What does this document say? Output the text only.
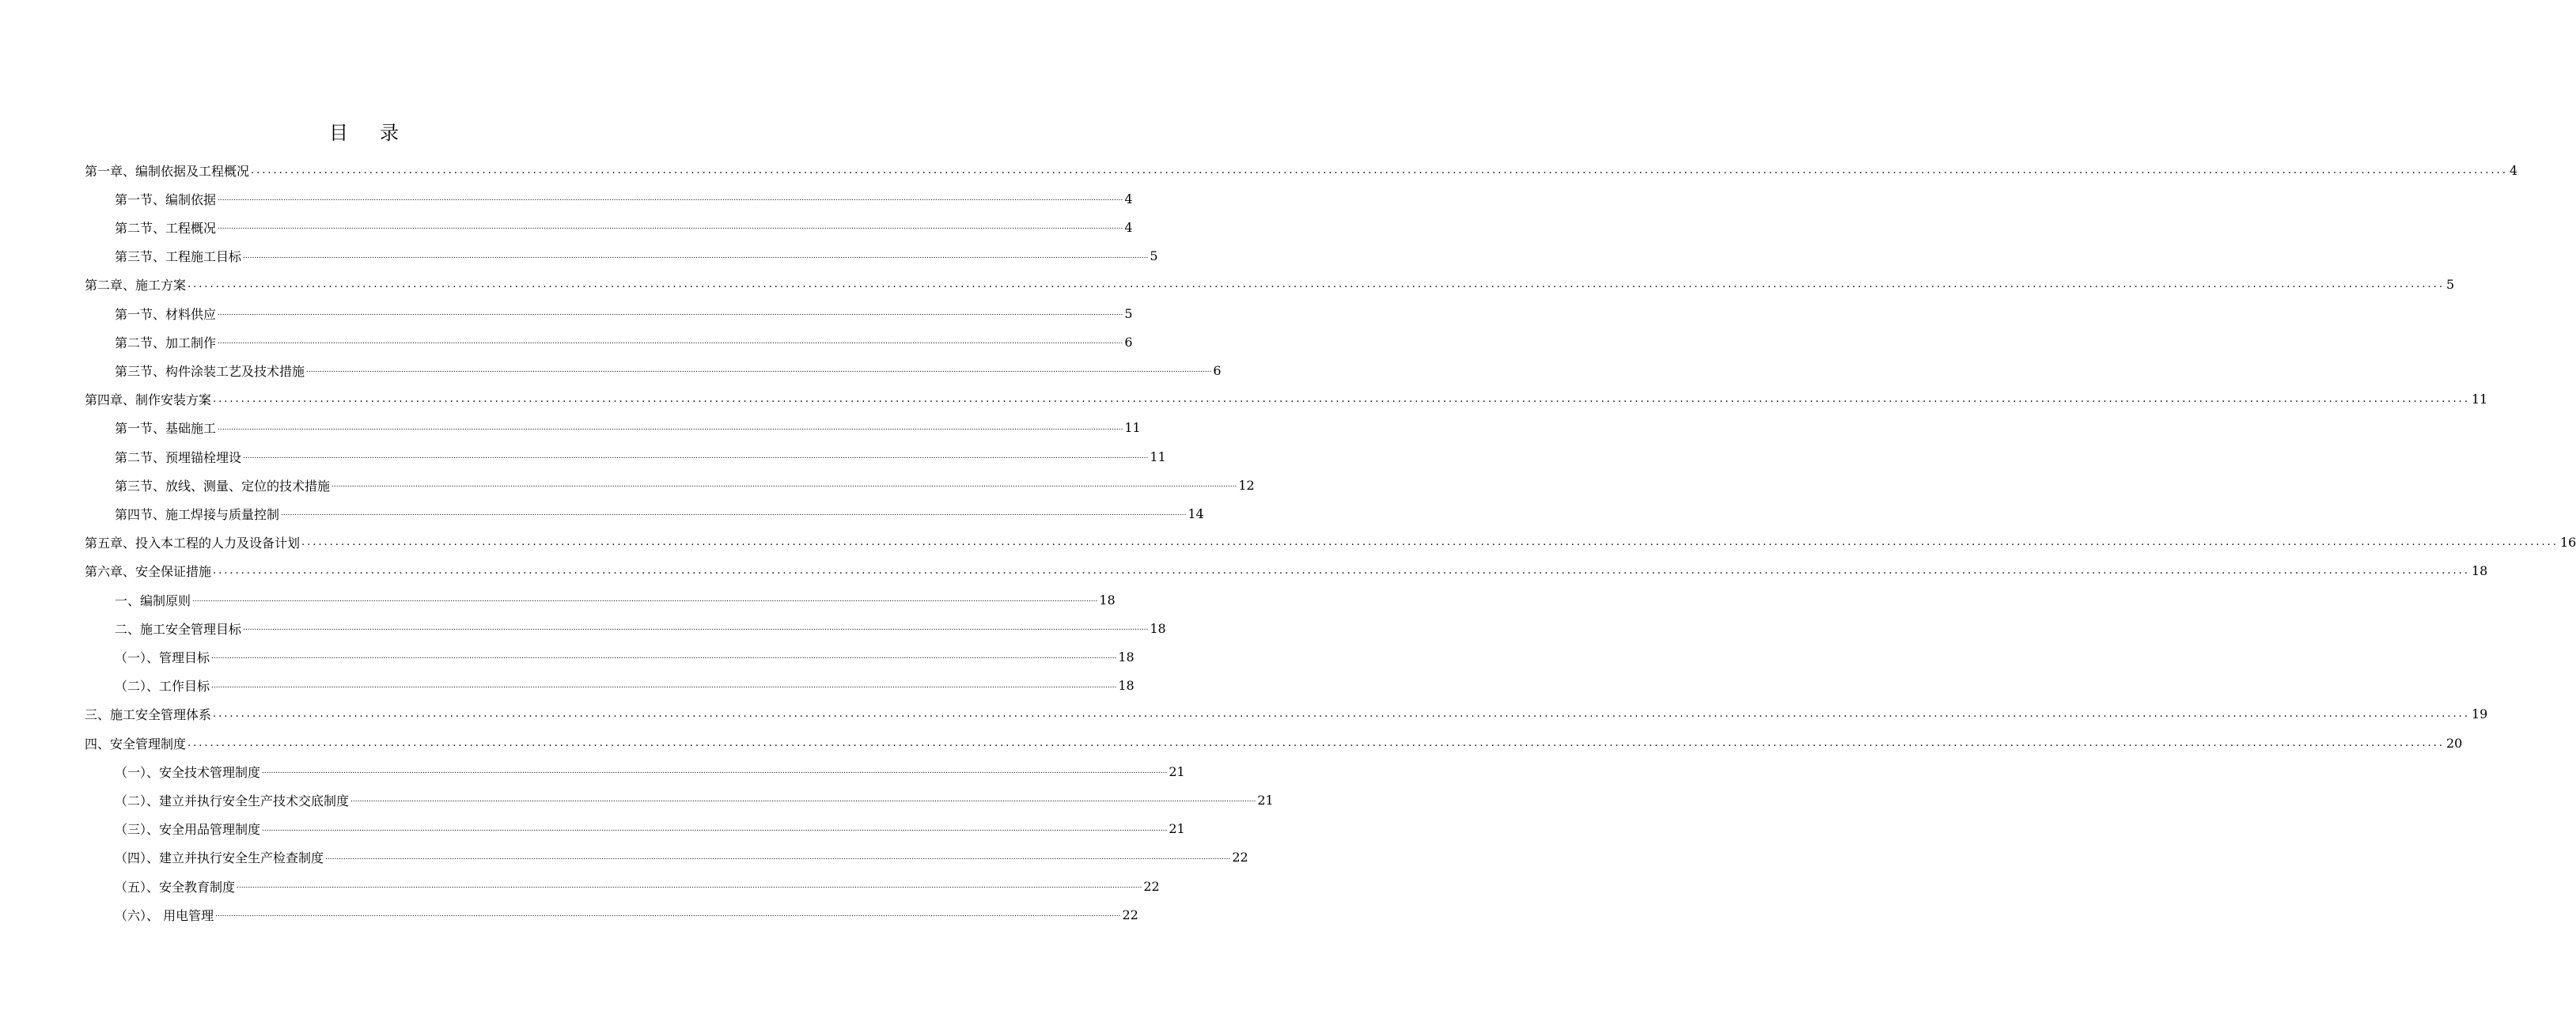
目录
第一章、编制依据及工程概况 ................................................................................................................................................................................................................................................................................................................................................................................................................ 4
第一节、编制依据 ................................................................................................................................................................................................................................................................................................................................................................................................................ 4
第二节、工程概况 ................................................................................................................................................................................................................................................................................................................................................................................................................ 4
第三节、工程施工目标 ................................................................................................................................................................................................................................................................................................................................................................................................................ 5
第二章、施工方案 ................................................................................................................................................................................................................................................................................................................................................................................................................ 5
第一节、材料供应 ................................................................................................................................................................................................................................................................................................................................................................................................................ 5
第二节、加工制作 ................................................................................................................................................................................................................................................................................................................................................................................................................ 6
第三节、构件涂装工艺及技术措施 ................................................................................................................................................................................................................................................................................................................................................................................................................ 6
第四章、制作安装方案 ................................................................................................................................................................................................................................................................................................................................................................................................................ 11
第一节、基础施工 ................................................................................................................................................................................................................................................................................................................................................................................................................ 11
第二节、预埋锚栓埋设 ................................................................................................................................................................................................................................................................................................................................................................................................................ 11
第三节、放线、测量、定位的技术措施 ................................................................................................................................................................................................................................................................................................................................................................................................................ 12
第四节、施工焊接与质量控制 ................................................................................................................................................................................................................................................................................................................................................................................................................ 14
第五章、投入本工程的人力及设备计划 ................................................................................................................................................................................................................................................................................................................................................................................................................ 16
第六章、安全保证措施 ................................................................................................................................................................................................................................................................................................................................................................................................................ 18
一、编制原则 ................................................................................................................................................................................................................................................................................................................................................................................................................ 18
二、施工安全管理目标 ................................................................................................................................................................................................................................................................................................................................................................................................................ 18
（一）、管理目标 ................................................................................................................................................................................................................................................................................................................................................................................................................ 18
（二）、工作目标 ................................................................................................................................................................................................................................................................................................................................................................................................................ 18
三、施工安全管理体系 ................................................................................................................................................................................................................................................................................................................................................................................................................ 19
四、安全管理制度 ................................................................................................................................................................................................................................................................................................................................................................................................................ 20
（一）、安全技术管理制度 ................................................................................................................................................................................................................................................................................................................................................................................................................ 21
（二）、建立并执行安全生产技术交底制度 ................................................................................................................................................................................................................................................................................................................................................................................................................ 21
（三）、安全用品管理制度 ................................................................................................................................................................................................................................................................................................................................................................................................................ 21
（四）、建立并执行安全生产检查制度 ................................................................................................................................................................................................................................................................................................................................................................................................................ 22
（五）、安全教育制度 ................................................................................................................................................................................................................................................................................................................................................................................................................ 22
（六）、 用电管理 ................................................................................................................................................................................................................................................................................................................................................................................................................ 22
